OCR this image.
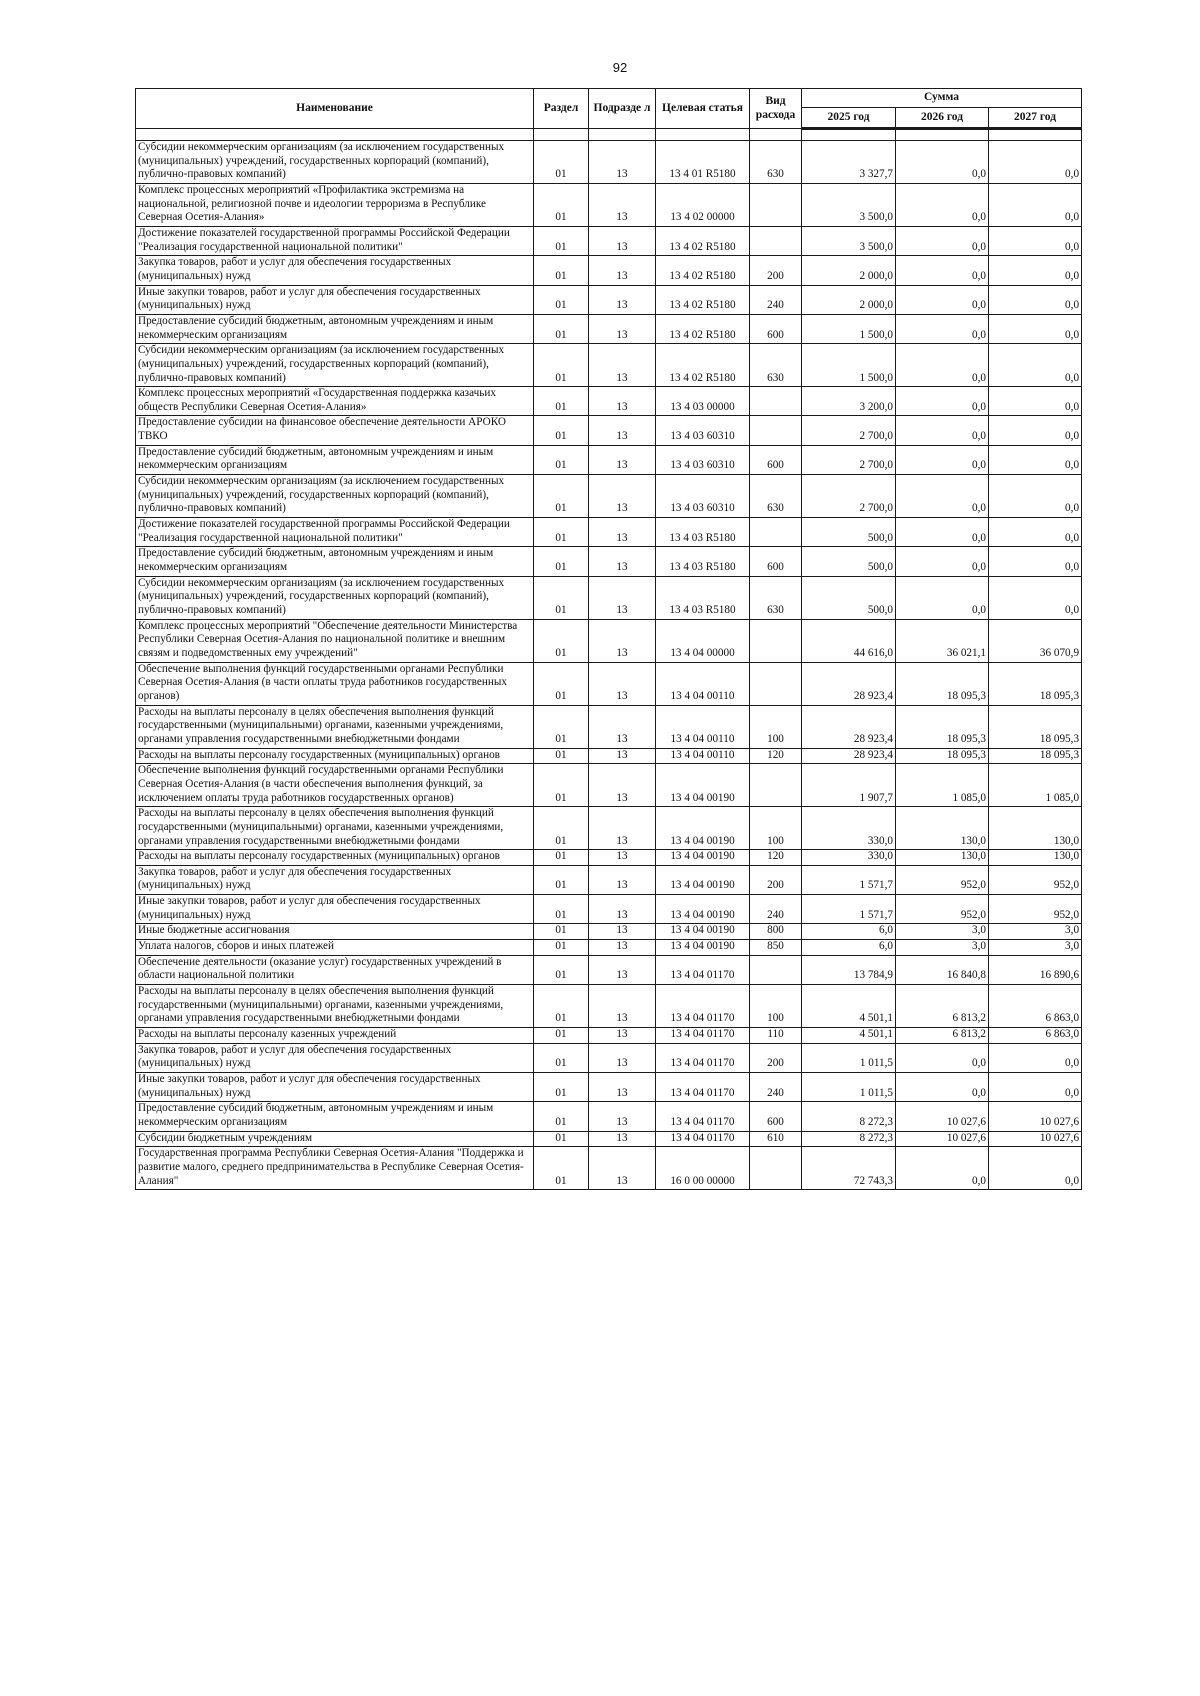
92
Наименование	Раздел	Подразде л	Целевая статья	Вид расхода	Сумма		
					2025 год	2026 год	2027 год

Субсидии некоммерческим организациям (за исключением государственных (муниципальных) учреждений, государственных корпораций (компаний), публично-правовых компаний)	01	13	13 4 01 R5180	630	3 327,7	0,0	0,0
Комплекс процессных мероприятий «Профилактика экстремизма на национальной, религиозной почве и идеологии терроризма в Республике Северная Осетия-Алания»	01	13	13 4 02 00000		3 500,0	0,0	0,0
Достижение показателей государственной программы Российской Федерации "Реализация государственной национальной политики"	01	13	13 4 02 R5180		3 500,0	0,0	0,0
Закупка товаров, работ и услуг для обеспечения государственных (муниципальных) нужд	01	13	13 4 02 R5180	200	2 000,0	0,0	0,0
Иные закупки товаров, работ и услуг для обеспечения государственных (муниципальных) нужд	01	13	13 4 02 R5180	240	2 000,0	0,0	0,0
Предоставление субсидий бюджетным, автономным учреждениям и иным некоммерческим организациям	01	13	13 4 02 R5180	600	1 500,0	0,0	0,0
Субсидии некоммерческим организациям (за исключением государственных (муниципальных) учреждений, государственных корпораций (компаний), публично-правовых компаний)	01	13	13 4 02 R5180	630	1 500,0	0,0	0,0
Комплекс процессных мероприятий «Государственная поддержка казачьих обществ Республики Северная Осетия-Алания»	01	13	13 4 03 00000		3 200,0	0,0	0,0
Предоставление субсидии на финансовое обеспечение деятельности АРОКО ТВКО	01	13	13 4 03 60310		2 700,0	0,0	0,0
Предоставление субсидий бюджетным, автономным учреждениям и иным некоммерческим организациям	01	13	13 4 03 60310	600	2 700,0	0,0	0,0
Субсидии некоммерческим организациям (за исключением государственных (муниципальных) учреждений, государственных корпораций (компаний), публично-правовых компаний)	01	13	13 4 03 60310	630	2 700,0	0,0	0,0
Достижение показателей государственной программы Российской Федерации "Реализация государственной национальной политики"	01	13	13 4 03 R5180		500,0	0,0	0,0
Предоставление субсидий бюджетным, автономным учреждениям и иным некоммерческим организациям	01	13	13 4 03 R5180	600	500,0	0,0	0,0
Субсидии некоммерческим организациям (за исключением государственных (муниципальных) учреждений, государственных корпораций (компаний), публично-правовых компаний)	01	13	13 4 03 R5180	630	500,0	0,0	0,0
Комплекс процессных мероприятий "Обеспечение деятельности Министерства Республики Северная Осетия-Алания по национальной политике и внешним связям и подведомственных ему учреждений"	01	13	13 4 04 00000		44 616,0	36 021,1	36 070,9
Обеспечение выполнения функций государственными органами Республики Северная Осетия-Алания (в части оплаты труда работников государственных органов)	01	13	13 4 04 00110		28 923,4	18 095,3	18 095,3
Расходы на выплаты персоналу в целях обеспечения выполнения функций государственными (муниципальными) органами, казенными учреждениями, органами управления государственными внебюджетными фондами	01	13	13 4 04 00110	100	28 923,4	18 095,3	18 095,3
Расходы на выплаты персоналу государственных (муниципальных) органов	01	13	13 4 04 00110	120	28 923,4	18 095,3	18 095,3
Обеспечение выполнения функций государственными органами Республики Северная Осетия-Алания (в части обеспечения выполнения функций, за исключением оплаты труда работников государственных органов)	01	13	13 4 04 00190		1 907,7	1 085,0	1 085,0
Расходы на выплаты персоналу в целях обеспечения выполнения функций государственными (муниципальными) органами, казенными учреждениями, органами управления государственными внебюджетными фондами	01	13	13 4 04 00190	100	330,0	130,0	130,0
Расходы на выплаты персоналу государственных (муниципальных) органов	01	13	13 4 04 00190	120	330,0	130,0	130,0
Закупка товаров, работ и услуг для обеспечения государственных (муниципальных) нужд	01	13	13 4 04 00190	200	1 571,7	952,0	952,0
Иные закупки товаров, работ и услуг для обеспечения государственных (муниципальных) нужд	01	13	13 4 04 00190	240	1 571,7	952,0	952,0
Иные бюджетные ассигнования	01	13	13 4 04 00190	800	6,0	3,0	3,0
Уплата налогов, сборов и иных платежей	01	13	13 4 04 00190	850	6,0	3,0	3,0
Обеспечение деятельности (оказание услуг) государственных учреждений в области национальной политики	01	13	13 4 04 01170		13 784,9	16 840,8	16 890,6
Расходы на выплаты персоналу в целях обеспечения выполнения функций государственными (муниципальными) органами, казенными учреждениями, органами управления государственными внебюджетными фондами	01	13	13 4 04 01170	100	4 501,1	6 813,2	6 863,0
Расходы на выплаты персоналу казенных учреждений	01	13	13 4 04 01170	110	4 501,1	6 813,2	6 863,0
Закупка товаров, работ и услуг для обеспечения государственных (муниципальных) нужд	01	13	13 4 04 01170	200	1 011,5	0,0	0,0
Иные закупки товаров, работ и услуг для обеспечения государственных (муниципальных) нужд	01	13	13 4 04 01170	240	1 011,5	0,0	0,0
Предоставление субсидий бюджетным, автономным учреждениям и иным некоммерческим организациям	01	13	13 4 04 01170	600	8 272,3	10 027,6	10 027,6
Субсидии бюджетным учреждениям	01	13	13 4 04 01170	610	8 272,3	10 027,6	10 027,6
Государственная программа Республики Северная Осетия-Алания "Поддержка и развитие малого, среднего предпринимательства в Республике Северная Осетия-Алания"	01	13	16 0 00 00000		72 743,3	0,0	0,0
